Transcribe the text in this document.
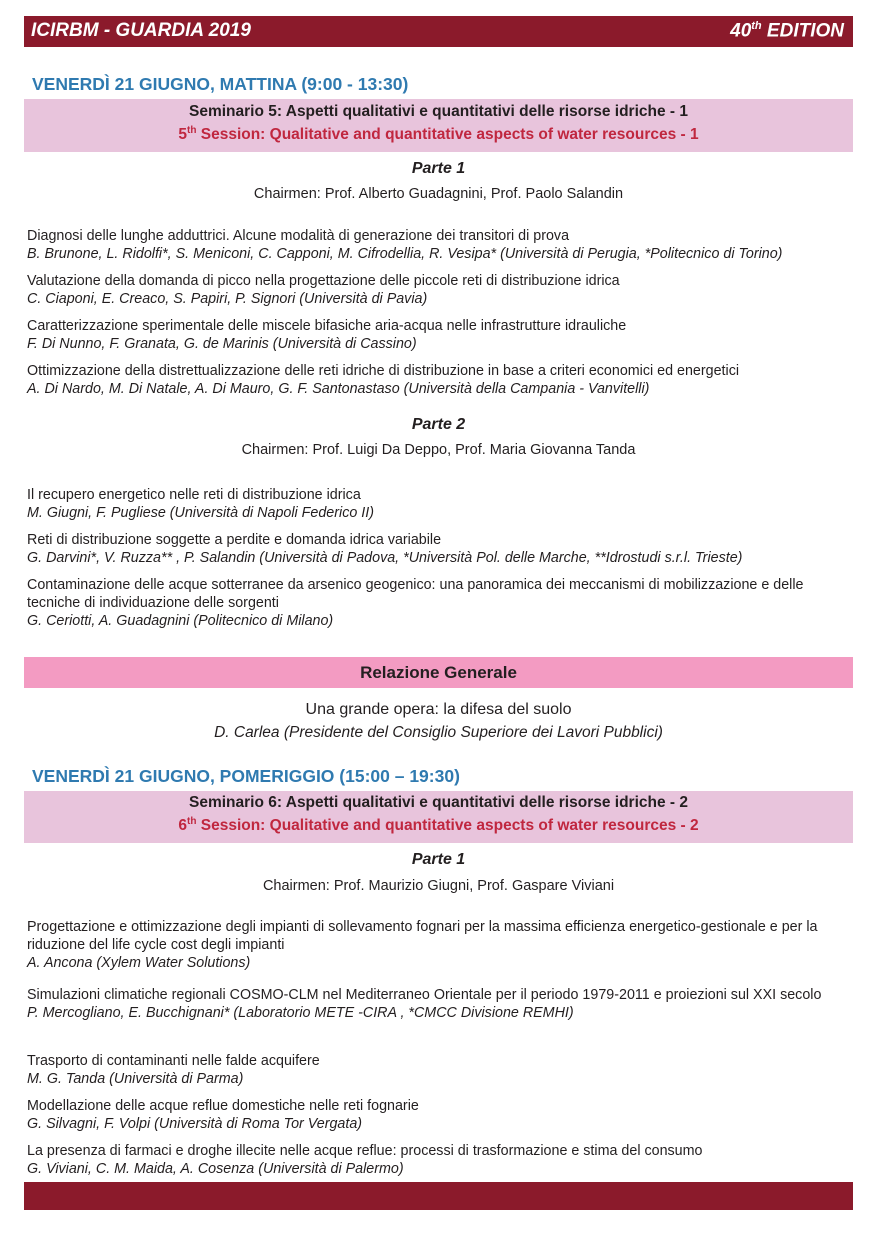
ICIRBM - GUARDIA 2019	40th EDITION
VENERDÌ 21 GIUGNO, MATTINA (9:00 - 13:30)
Seminario 5: Aspetti qualitativi e quantitativi delle risorse idriche - 1
5th Session: Qualitative and quantitative aspects of water resources - 1
Parte 1
Chairmen: Prof. Alberto Guadagnini, Prof. Paolo Salandin
Diagnosi delle lunghe adduttrici. Alcune modalità di generazione dei transitori di prova
B. Brunone, L. Ridolfi*, S. Meniconi, C. Capponi, M. Cifrodellia, R. Vesipa* (Università di Perugia, *Politecnico di Torino)
Valutazione della domanda di picco nella progettazione delle piccole reti di distribuzione idrica
C. Ciaponi, E. Creaco, S. Papiri, P. Signori (Università di Pavia)
Caratterizzazione sperimentale delle miscele bifasiche aria-acqua nelle infrastrutture idrauliche
F. Di Nunno, F. Granata, G. de Marinis (Università di Cassino)
Ottimizzazione della distrettualizzazione delle reti idriche di distribuzione in base a criteri economici ed energetici
A. Di Nardo, M. Di Natale, A. Di Mauro, G. F. Santonastaso (Università della Campania - Vanvitelli)
Parte 2
Chairmen: Prof. Luigi Da Deppo, Prof. Maria Giovanna Tanda
Il recupero energetico nelle reti di distribuzione idrica
M. Giugni, F. Pugliese (Università di Napoli Federico II)
Reti di distribuzione soggette a perdite e domanda idrica variabile
G. Darvini*, V. Ruzza** , P. Salandin (Università di Padova, *Università Pol. delle Marche, **Idrostudi s.r.l. Trieste)
Contaminazione delle acque sotterranee da arsenico geogenico: una panoramica dei meccanismi di mobilizzazione e delle tecniche di individuazione delle sorgenti
G. Ceriotti, A. Guadagnini (Politecnico di Milano)
Relazione Generale
Una grande opera: la difesa del suolo
D. Carlea (Presidente del Consiglio Superiore dei Lavori Pubblici)
VENERDÌ 21 GIUGNO, POMERIGGIO (15:00 – 19:30)
Seminario 6: Aspetti qualitativi e quantitativi delle risorse idriche - 2
6th Session: Qualitative and quantitative aspects of water resources - 2
Parte 1
Chairmen: Prof. Maurizio Giugni, Prof. Gaspare Viviani
Progettazione e ottimizzazione degli impianti di sollevamento fognari per la massima efficienza energetico-gestionale e per la riduzione del life cycle cost degli impianti
A. Ancona (Xylem Water Solutions)
Simulazioni climatiche regionali COSMO-CLM nel Mediterraneo Orientale per il periodo 1979-2011 e proiezioni sul XXI secolo
P. Mercogliano, E. Bucchignani* (Laboratorio METE -CIRA , *CMCC Divisione REMHI)
Trasporto di contaminanti nelle falde acquifere
M. G. Tanda (Università di Parma)
Modellazione delle acque reflue domestiche nelle reti fognarie
G. Silvagni, F. Volpi (Università di Roma Tor Vergata)
La presenza di farmaci e droghe illecite nelle acque reflue: processi di trasformazione e stima del consumo
G. Viviani, C. M. Maida, A. Cosenza (Università di Palermo)
